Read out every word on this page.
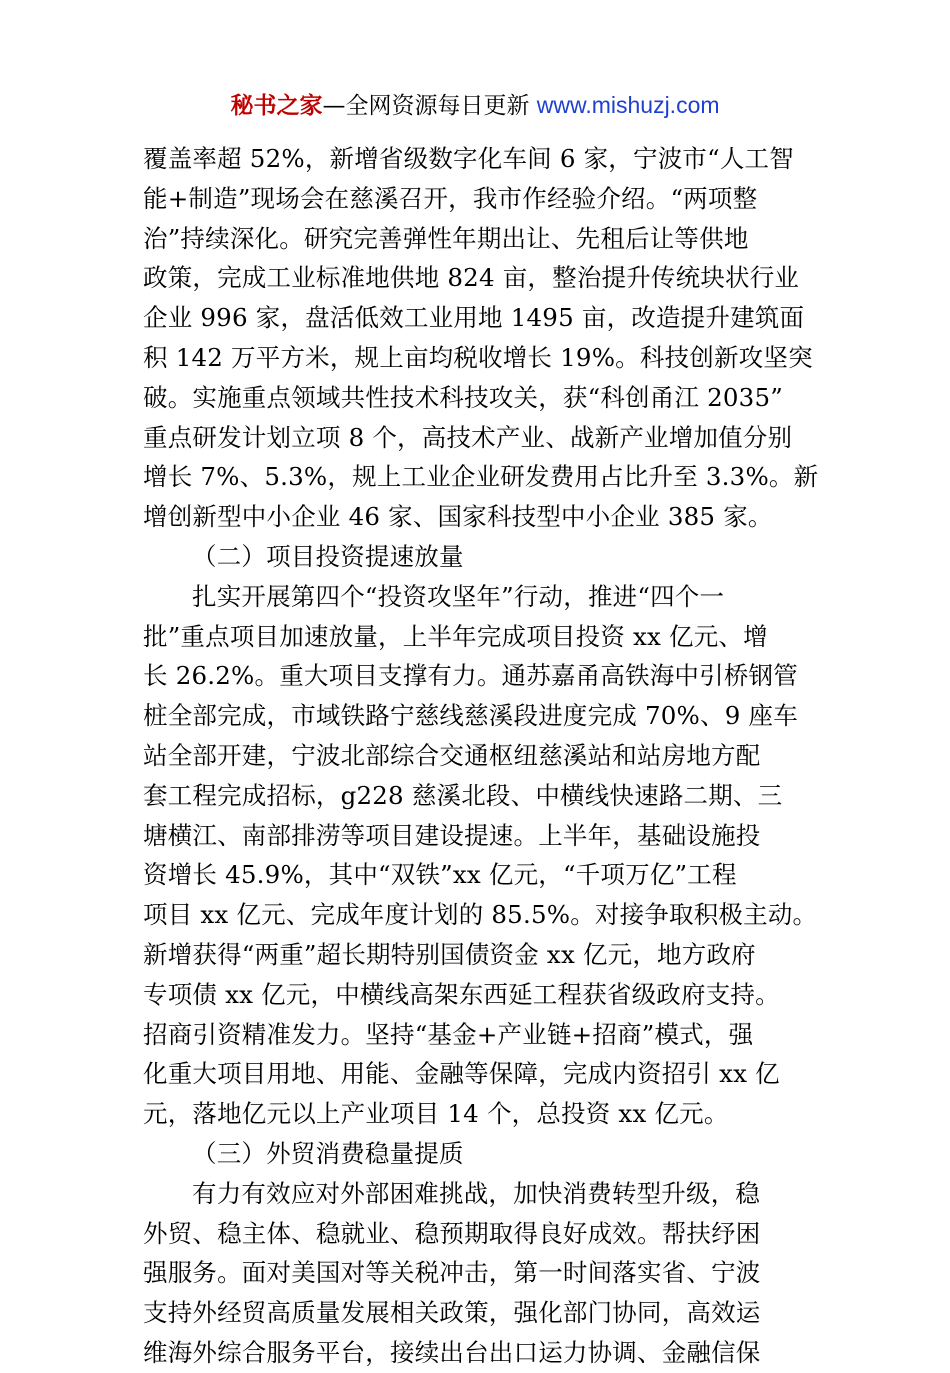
秘书之家—全网资源每日更新 www.mishuzj.com
覆盖率超 52%，新增省级数字化车间 6 家，宁波市“人工智
能+制造”现场会在慈溪召开，我市作经验介绍。“两项整
治”持续深化。研究完善弹性年期出让、先租后让等供地
政策，完成工业标准地供地 824 亩，整治提升传统块状行业
企业 996 家，盘活低效工业用地 1495 亩，改造提升建筑面
积 142 万平方米，规上亩均税收增长 19%。科技创新攻坚突
破。实施重点领域共性技术科技攻关，获“科创甬江 2035”
重点研发计划立项 8 个，高技术产业、战新产业增加值分别
增长 7%、5.3%，规上工业企业研发费用占比升至 3.3%。新
增创新型中小企业 46 家、国家科技型中小企业 385 家。
（二）项目投资提速放量
扎实开展第四个“投资攻坚年”行动，推进“四个一
批”重点项目加速放量，上半年完成项目投资 xx 亿元、增
长 26.2%。重大项目支撑有力。通苏嘉甬高铁海中引桥钢管
桩全部完成，市域铁路宁慈线慈溪段进度完成 70%、9 座车
站全部开建，宁波北部综合交通枢纽慈溪站和站房地方配
套工程完成招标，g228 慈溪北段、中横线快速路二期、三
塘横江、南部排涝等项目建设提速。上半年，基础设施投
资增长 45.9%，其中“双铁”xx 亿元，“千项万亿”工程
项目 xx 亿元、完成年度计划的 85.5%。对接争取积极主动。
新增获得“两重”超长期特别国债资金 xx 亿元，地方政府
专项债 xx 亿元，中横线高架东西延工程获省级政府支持。
招商引资精准发力。坚持“基金+产业链+招商”模式，强
化重大项目用地、用能、金融等保障，完成内资招引 xx 亿
元，落地亿元以上产业项目 14 个，总投资 xx 亿元。
（三）外贸消费稳量提质
有力有效应对外部困难挑战，加快消费转型升级，稳
外贸、稳主体、稳就业、稳预期取得良好成效。帮扶纾困
强服务。面对美国对等关税冲击，第一时间落实省、宁波
支持外经贸高质量发展相关政策，强化部门协同，高效运
维海外综合服务平台，接续出台出口运力协调、金融信保
